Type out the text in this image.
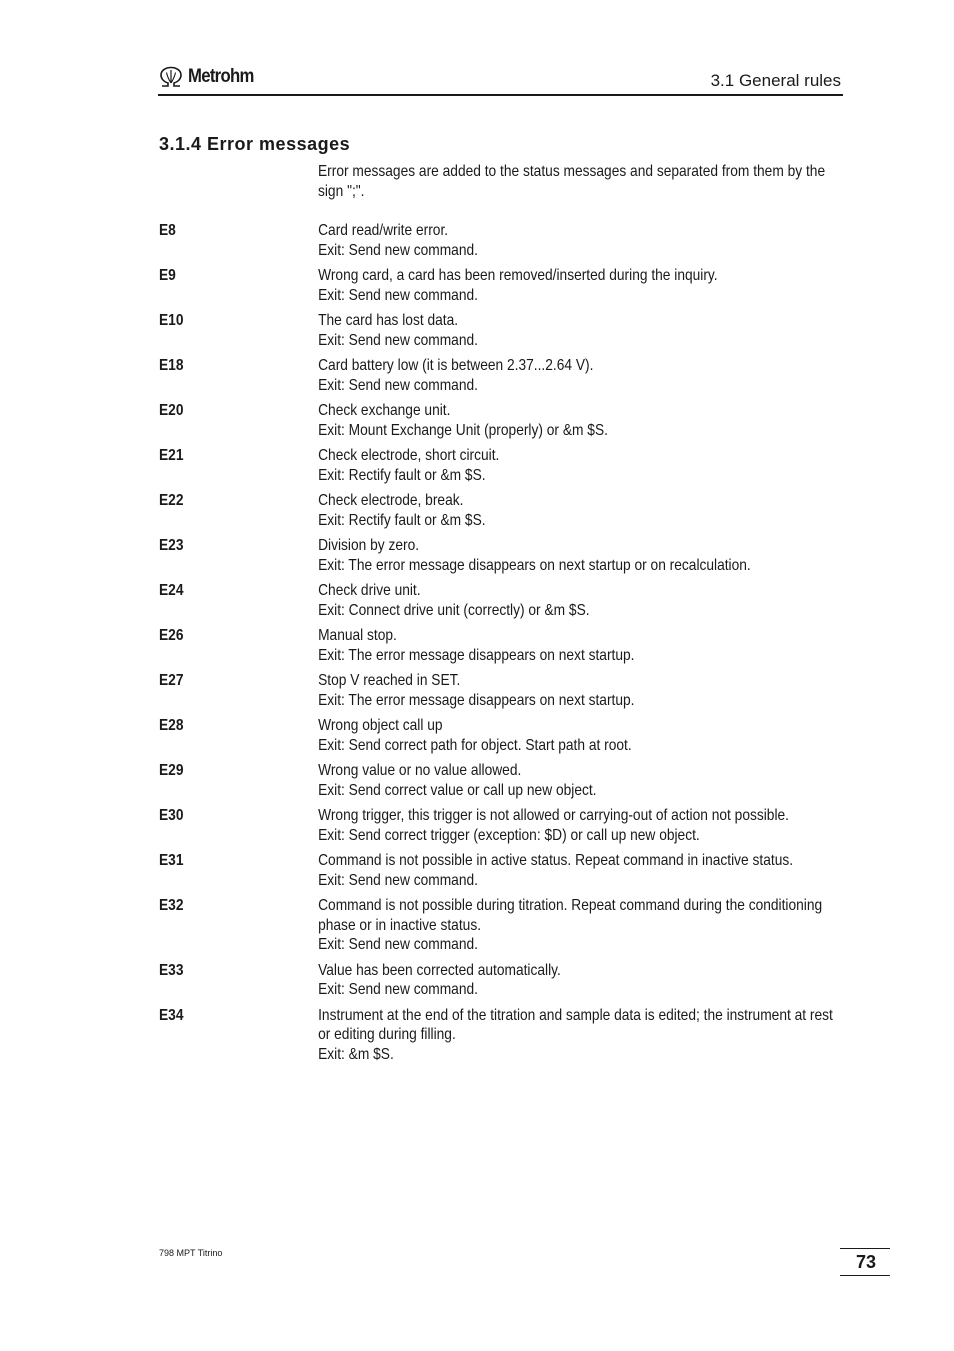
Metrohm	3.1 General rules
3.1.4 Error messages
Error messages are added to the status messages and separated from them by the sign ";".
E8	Card read/write error.
Exit: Send new command.
E9	Wrong card, a card has been removed/inserted during the inquiry.
Exit: Send new command.
E10	The card has lost data.
Exit: Send new command.
E18	Card battery low (it is between 2.37...2.64 V).
Exit: Send new command.
E20	Check exchange unit.
Exit: Mount Exchange Unit (properly) or &m $S.
E21	Check electrode, short circuit.
Exit: Rectify fault or &m $S.
E22	Check electrode, break.
Exit: Rectify fault or &m $S.
E23	Division by zero.
Exit: The error message disappears on next startup or on recalculation.
E24	Check drive unit.
Exit: Connect drive unit (correctly) or &m $S.
E26	Manual stop.
Exit: The error message disappears on next startup.
E27	Stop V reached in SET.
Exit: The error message disappears on next startup.
E28	Wrong object call up
Exit: Send correct path for object. Start path at root.
E29	Wrong value or no value allowed.
Exit: Send correct value or call up new object.
E30	Wrong trigger, this trigger is not allowed or carrying-out of action not possible.
Exit: Send correct trigger (exception: $D) or call up new object.
E31	Command is not possible in active status. Repeat command in inactive status.
Exit: Send new command.
E32	Command is not possible during titration. Repeat command during the conditioning phase or in inactive status.
Exit: Send new command.
E33	Value has been corrected automatically.
Exit: Send new command.
E34	Instrument at the end of the titration and sample data is edited; the instrument at rest or editing during filling.
Exit: &m $S.
798 MPT Titrino	73
